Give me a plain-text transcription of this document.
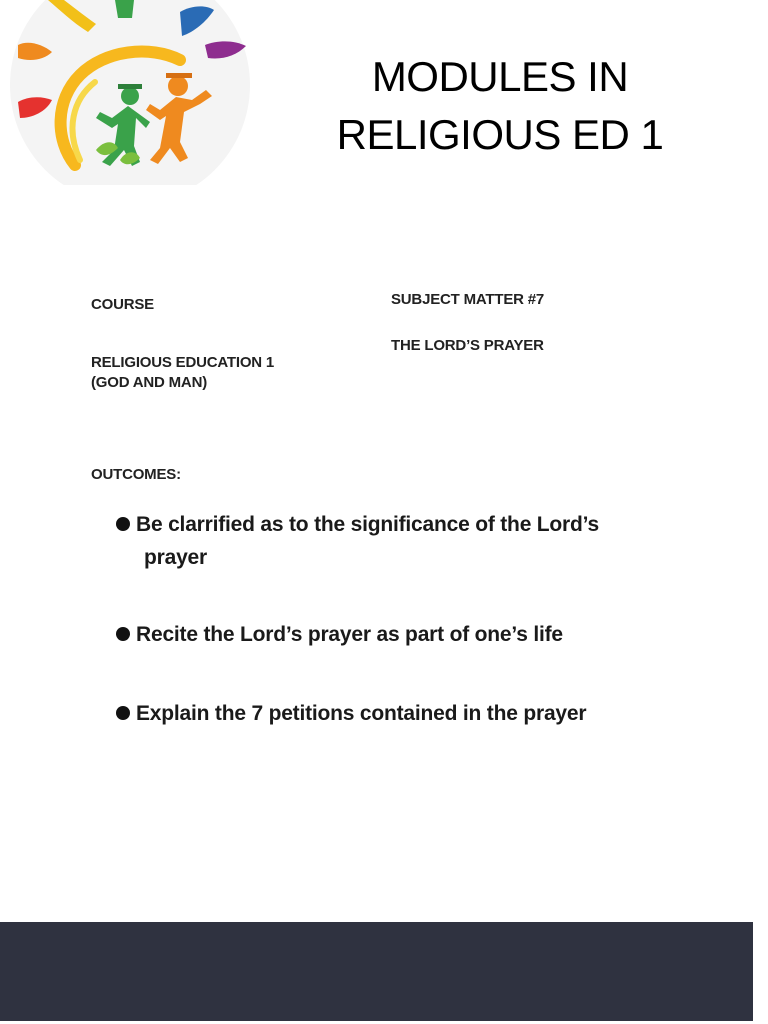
MODULES IN
RELIGIOUS ED 1

COURSE

RELIGIOUS EDUCATION 1
(GOD AND MAN)

SUBJECT MATTER #7

THE LORD’S PRAYER

OUTCOMES:

Be clarrified as to the significance of the Lord’s
prayer
Recite the Lord’s prayer as part of one’s life
Explain the 7 petitions contained in the prayer
